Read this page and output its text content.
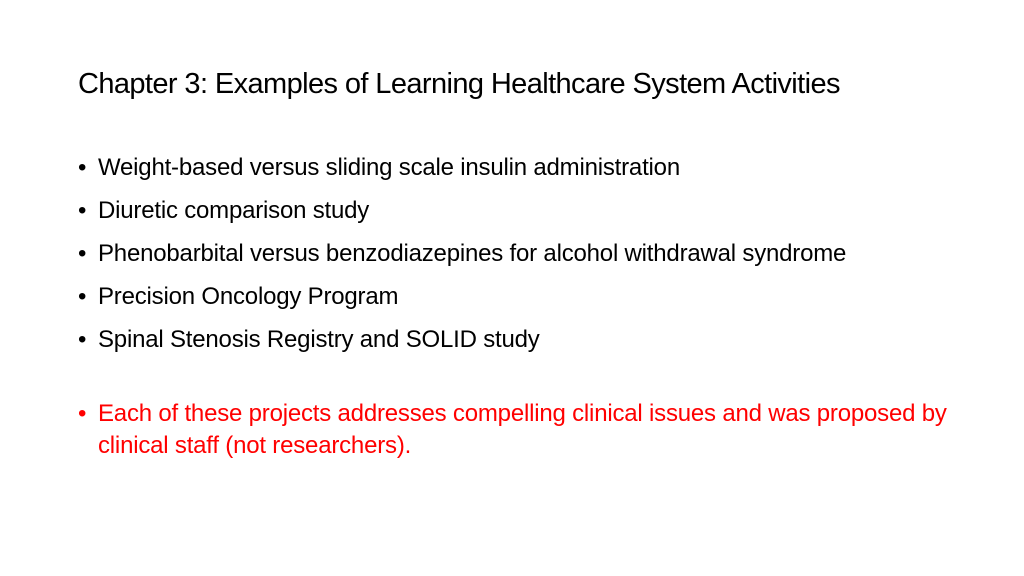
Chapter 3: Examples of Learning Healthcare System Activities
• Weight-based versus sliding scale insulin administration
• Diuretic comparison study
• Phenobarbital versus benzodiazepines for alcohol withdrawal syndrome
• Precision Oncology Program
• Spinal Stenosis Registry and SOLID study
• Each of these projects addresses compelling clinical issues and was proposed by clinical staff (not researchers).
